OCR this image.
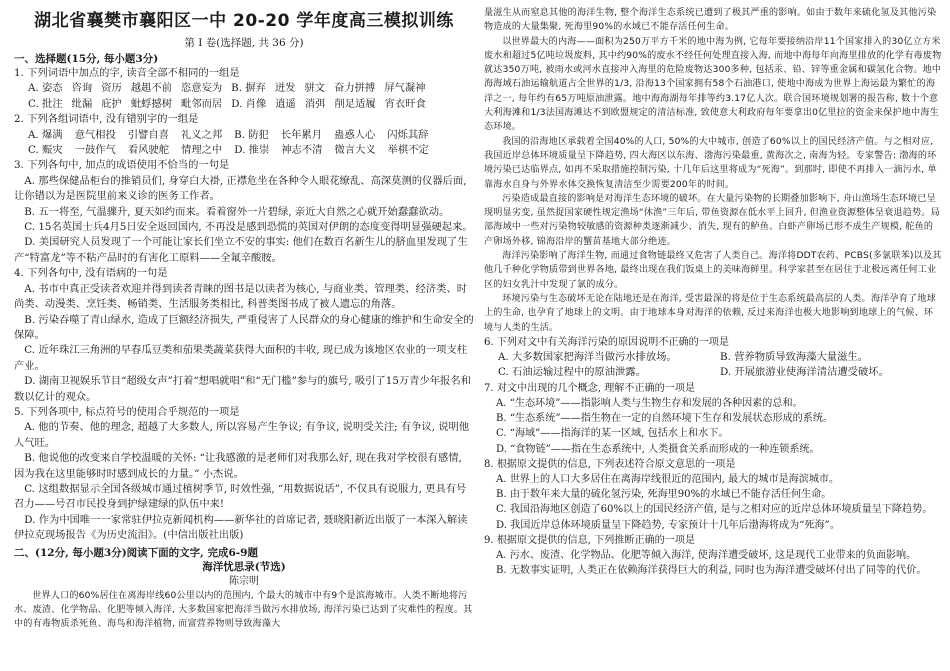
湖北省襄樊市襄阳区一中 20-20 学年度高三模拟训练
第 Ⅰ 卷(选择题, 共 36 分)
一、选择题(15分, 每小题3分)
1. 下列词语中加点的字, 读音全部不相同的一组是
A. 姿态 咨询 资历 越趄不前 恣意妄为 B. 摒弃 迸发 骈文 奋力拼搏 屏气凝神
C. 批注 纰漏 庇护 蚍蜉撼树 毗邻而居 D. 肖像 逍遥 消弭 削足适履 宵衣旰食
2. 下列各组词语中, 没有错别字的一组是
A. 爆满 意气相投 引譬自喜 礼义之邦 B. 防犯 长年累月 蛊惑人心 闪烁其辞
C. 赈灾 一鼓作气 看风驶舵 情理之中 D. 推崇 神志不清 微言大义 举棋不定
3. 下列各句中, 加点的成语使用不恰当的一句是
A. 那些保健品柜台的推销员们, 身穿白大褂, 正襟危坐在各种令人眼花缭乱、高深莫测的仪器后面, 让你错以为是医院里前来义诊的医务工作者。
B. 五一将至, 气温骤升, 夏天如约而来。看着窗外一片碧绿, 亲近大自然之心就开始蠢蠢欲动。
C. 15名英国士兵4月5日安全返回国内, 不再没是感到恐慌的英国对伊朗的态度变得明显强硬起来。
D. 美国研究人员发现了一个可能让家长们坐立不安的事实: 他们在数百名新生儿的脐血里发现了生产“特富龙”等不粘产品时的有害化工原料——全氟辛酸胺。
4. 下列各句中, 没有语病的一句是
A. 书市中真正受读者欢迎并得到读者青睐的图书是以读者为核心, 与商业类、管理类、经济类、时尚类、动漫类、烹饪类、畅销类、生活服务类相比, 科普类图书成了被人遗忘的角落。
B. 污染吞噬了青山绿水, 造成了巨额经济损失, 严重侵害了人民群众的身心健康的维护和生命安全的保障。
C. 近年珠江三角洲的早春瓜豆类和茄果类蔬菜获得大面积的丰收, 现已成为该地区农业的一项支柱产业。
D. 湖南卫视娱乐节目“超级女声”打着“想唱就唱”和“无门槛”参与的旗号, 吸引了15万青少年报名和数以亿计的观众。
5. 下列各项中, 标点符号的使用合乎规范的一项是
A. 他的节奏、他的理念, 超越了大多数人, 所以容易产生争议; 有争议, 说明受关注; 有争议, 说明他人气旺。
B. 他说他的改变来自学校温暖的关怀: “让我感激的是老师们对我那么好, 现在我对学校很有感情, 因为我在这里能够时时感到成长的力量。” 小杰说。
C. 这组数据显示全国各级城市通过植树季节, 时效性强, “用数据说话”, 不仅具有说服力, 更具有号召力——号召市民投身到护绿建绿的队伍中来!
D. 作为中国唯一一家常驻伊拉克新闻机构——新华社的首席记者, 聂晓阳新近出版了一本深入解读伊拉克现场报告《为历史流泪》。(中信出版社出版)
二、(12分, 每小题3分)阅读下面的文字, 完成6-9题
海洋忧思录(节选)
陈宗明
世界人口的60%居住在离海岸线60公里以内的范围内, 个最大的城市中有9个是滨海城市。人类不断地将污水、废渣、化学物品、化肥等倾入海洋, 大多数国家把海洋当做污水排放场, 海洋污染已达到了灾难性的程度。其中的有毒物质杀死鱼、海鸟和海洋植物, 而富营养物则导致海藻大
量滋生从而窒息其他的海洋生物, 整个海洋生态系统已遭到了极其严重的影响。如由于数年来硫化氢及其他污染物造成的大量集聚, 死海里90%的水域已不能存活任何生命。
以世界最大的内海——面积为250万平方千米的地中海为例, 它每年要接纳沿岸11个国家排入的30亿立方米废水和超过5亿吨垃圾废料, 其中约90%的废水不经任何处理直接入海, 而地中海每年向海里排放的化学有毒废物就达350万吨, 被雨水或河水直接冲入海里的危险废物达300多种, 包括汞、铅、锌等重金属和碳氢化合物。地中海海域石油运输航道占全世界的1/3, 沿海13个国家拥有58个石油港口, 使地中海成为世界上海运最为繁忙的海洋之一, 每年约有65万吨原油泄露。地中海海湖每年排等约3.17亿人次。联合国环境规划署的报告称, 数十个意大利海滩和1/3法国海滩达不到欧盟规定的清洁标准, 致使意大利政府每年要拿出0亿里拉的资金来保护地中海生态环境。
我国的沿海地区承载着全国40%的人口, 50%的大中城市, 创造了60%以上的国民经济产值。与之相对应, 我国近岸总体环境质量呈下降趋势, 四大海区以东海、渤海污染最重, 黄海次之, 南海为轻。专家警告: 渤海的环境污染已达临界点, 如再不采取措施控制污染, 十几年后这里将成为“死海”。到那时, 即使不再排入一滴污水, 单靠海水自身与外界水体交换恢复清洁至少需要200年的时间。
污染造成最直接的影响是对海洋生态环境的破坏。在大量污染物的长期叠加影响下, 舟山渔场生态环境已呈现明显劣变, 虽然捉国家硬性规定渔场“休渔”三年后, 带鱼资源在低水平上回升, 但渔业资源整体呈衰退趋势。局部海域中一些对污染物较敏感的资源种类逐渐减少、消失, 现有的鲈鱼、白虾产卵场已形不成生产规模, 舵鱼的产卵场外移, 锦海沿岸的蟹苗基地大部分绝迹。
海洋污染影响了海洋生物, 而通过食物链最终又危害了人类自己。海洋将DDT农药、PCBS(多氯联苯)以及其他几千种化学物质带到世界各地, 最终出现在我们饭桌上的美味海鲜里。科学家甚至在居住于北极远离任何工业区的妇女乳汁中发现了氯的成分。
环境污染与生态破坏无论在陆地还是在海洋, 受害最深的将是位于生态系统最高层的人类。海洋孕育了地球上的生命, 也孕育了地球上的文明。由于地球本身对海洋的依赖, 反过来海洋也极大地影响到地球上的气候、环境与人类的生活。
6. 下列对文中有关海洋污染的原因说明不正确的一项是
A. 大多数国家把海洋当做污水排放场。	B. 营养物质导致海藻大量滋生。
C. 石油运输过程中的原油泄露。	D. 开展旅游业使海洋清洁遭受破坏。
7. 对文中出现的几个概念, 理解不正确的一项是
A. “生态环境”——指影响人类与生物生存和发展的各种因素的总和。
B. “生态系统”——指生物在一定的自然环境下生存和发展状态形成的系统。
C. “海域”——指海洋的某一区域, 包括水上和水下。
D. “食物链”——指在生态系统中, 人类摄食关系而形成的一种连锁系统。
8. 根据原文提供的信息, 下列表述符合原文意思的一项是
A. 世界上的人口大多居住在离海岸线很近的范围内, 最大的城市是海滨城市。
B. 由于数年来大量的硫化氢污染, 死海里90%的水域已不能存活任何生命。
C. 我国沿海地区创造了60%以上的国民经济产值, 是与之相对应的近岸总体环境质量呈下降趋势。
D. 我国近岸总体环境质量呈下降趋势, 专家预计十几年后渤海将成为“死海”。
9. 根据原文提供的信息, 下列推断正确的一项是
A. 污水、废渣、化学物品、化肥等倾入海洋, 使海洋遭受破坏, 这是现代工业带来的负面影响。
B. 无数事实证明, 人类正在依赖海洋获得巨大的利益, 同时也为海洋遭受破坏付出了同等的代价。
